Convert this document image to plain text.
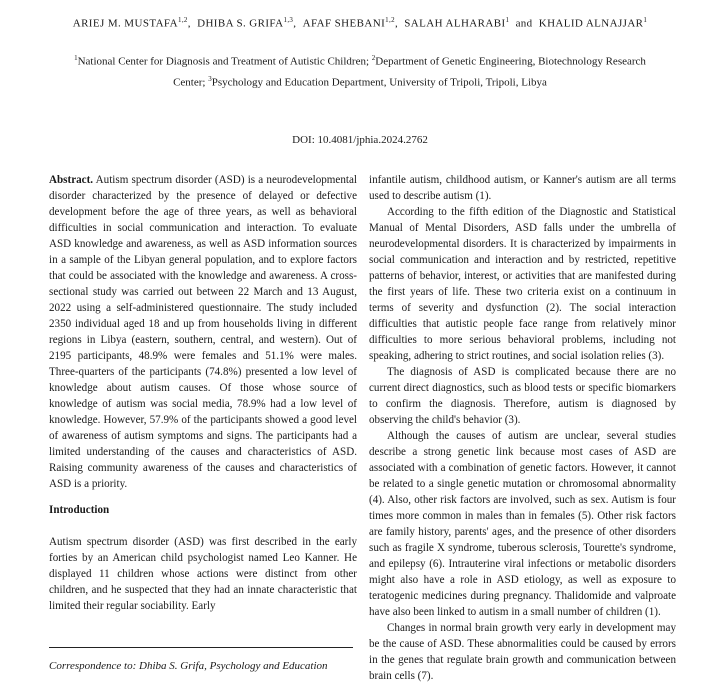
ARIEJ M. MUSTAFA$^{1,2}$,  DHIBA S. GRIFA$^{1,3}$,  AFAF SHEBANI$^{1,2}$,  SALAH ALHARABI$^1$ and KHALID ALNAJJAR$^1$
$^1$National Center for Diagnosis and Treatment of Autistic Children; $^2$Department of Genetic Engineering, Biotechnology Research Center; $^3$Psychology and Education Department, University of Tripoli, Tripoli, Libya
DOI: 10.4081/jphia.2024.2762

Abstract. Autism spectrum disorder (ASD) is a neurodevelopmental disorder characterized by the presence of delayed or defective development before the age of three years, as well as behavioral difficulties in social communication and interaction. To evaluate ASD knowledge and awareness, as well as ASD information sources in a sample of the Libyan general population, and to explore factors that could be associated with the knowledge and awareness. A cross-sectional study was carried out between 22 March and 13 August, 2022 using a self-administered questionnaire. The study included 2350 individual aged 18 and up from households living in different regions in Libya (eastern, southern, central, and western). Out of 2195 participants, 48.9% were females and 51.1% were males. Three-quarters of the participants (74.8%) presented a low level of knowledge about autism causes. Of those whose source of knowledge of autism was social media, 78.9% had a low level of knowledge. However, 57.9% of the participants showed a good level of awareness of autism symptoms and signs. The participants had a limited understanding of the causes and characteristics of ASD. Raising community awareness of the causes and characteristics of ASD is a priority.

Introduction

Autism spectrum disorder (ASD) was first described in the early forties by an American child psychologist named Leo Kanner. He displayed 11 children whose actions were distinct from other children, and he suspected that they had an innate characteristic that limited their regular sociability. Early

infantile autism, childhood autism, or Kanner's autism are all terms used to describe autism (1).

According to the fifth edition of the Diagnostic and Statistical Manual of Mental Disorders, ASD falls under the umbrella of neurodevelopmental disorders. It is characterized by impairments in social communication and interaction and by restricted, repetitive patterns of behavior, interest, or activities that are manifested during the first years of life. These two criteria exist on a continuum in terms of severity and dysfunction (2). The social interaction difficulties that autistic people face range from relatively minor difficulties to more serious behavioral problems, including not speaking, adhering to strict routines, and social isolation relies (3).

The diagnosis of ASD is complicated because there are no current direct diagnostics, such as blood tests or specific biomarkers to confirm the diagnosis. Therefore, autism is diagnosed by observing the child's behavior (3).

Although the causes of autism are unclear, several studies describe a strong genetic link because most cases of ASD are associated with a combination of genetic factors. However, it cannot be related to a single genetic mutation or chromosomal abnormality (4). Also, other risk factors are involved, such as sex. Autism is four times more common in males than in females (5). Other risk factors are family history, parents' ages, and the presence of other disorders such as fragile X syndrome, tuberous sclerosis, Tourette's syndrome, and epilepsy (6). Intrauterine viral infections or metabolic disorders might also have a role in ASD etiology, as well as exposure to teratogenic medicines during pregnancy. Thalidomide and valproate have also been linked to autism in a small number of children (1).

Changes in normal brain growth very early in development may be the cause of ASD. These abnormalities could be caused by errors in the genes that regulate brain growth and communication between brain cells (7).

Correspondence to: Dhiba S. Grifa, Psychology and Education
